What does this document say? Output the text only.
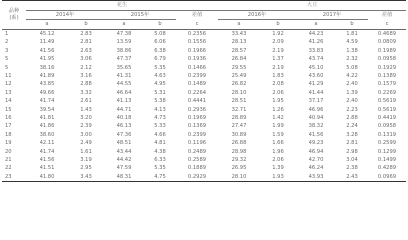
品种
(系)	花生					大豆				
	2014年		2015年		差值	2016年		2017年		差值
	a	b	a	b	c	a	b	a	b	c
1	45.12	2.83	47.38	5.08	0.2356	33.43	1.92	44.23	1.81	0.4689
2	11.49	2.81	13.59	6.06	0.1556	28.13	2.09	41.26	4.59	0.0809
3	41.56	2.63	38.86	6.38	0.1966	28.57	2.19	33.83	1.38	0.1989
5	41.95	3.06	47.37	6.79	0.1936	26.84	1.37	43.74	2.32	0.0958
5	38.16	2.12	35.65	5.35	0.1466	29.55	2.19	45.10	5.08	0.1929
11	41.89	3.16	41.31	4.63	0.2399	25.49	1.83	43.60	4.22	0.1389
12	43.85	2.88	44.55	4.95	0.1489	26.82	2.08	41.29	2.40	0.1579
13	49.66	3.32	46.64	5.31	0.2264	28.10	2.06	41.44	1.39	0.2269
14	41.74	2.61	41.13	5.38	0.4441	28.51	1.95	37.17	2.40	0.5619
15	39.54	1.43	44.71	4.13	0.2936	32.71	1.26	46.96	2.23	0.5619
16	41.81	3.20	40.18	4.73	0.1969	28.89	1.42	40.94	2.88	0.4419
17	41.86	2.39	46.13	5.33	0.1369	27.47	1.99	38.32	2.24	0.0958
18	38.60	3.00	47.36	4.66	0.2399	30.89	1.59	41.56	3.28	0.1319
19	42.11	2.49	48.51	4.81	0.1196	26.88	1.66	49.23	2.81	0.2599
20	41.74	1.61	43.44	4.38	0.2489	28.98	1.96	46.94	2.98	0.1299
21	41.56	3.19	44.42	6.33	0.2589	29.32	2.06	42.70	3.04	0.1499
22	41.51	2.95	47.59	5.35	0.1889	26.95	1.39	46.24	2.38	0.4289
23	41.80	3.43	48.31	4.75	0.2929	28.10	1.93	43.93	2.43	0.0969
